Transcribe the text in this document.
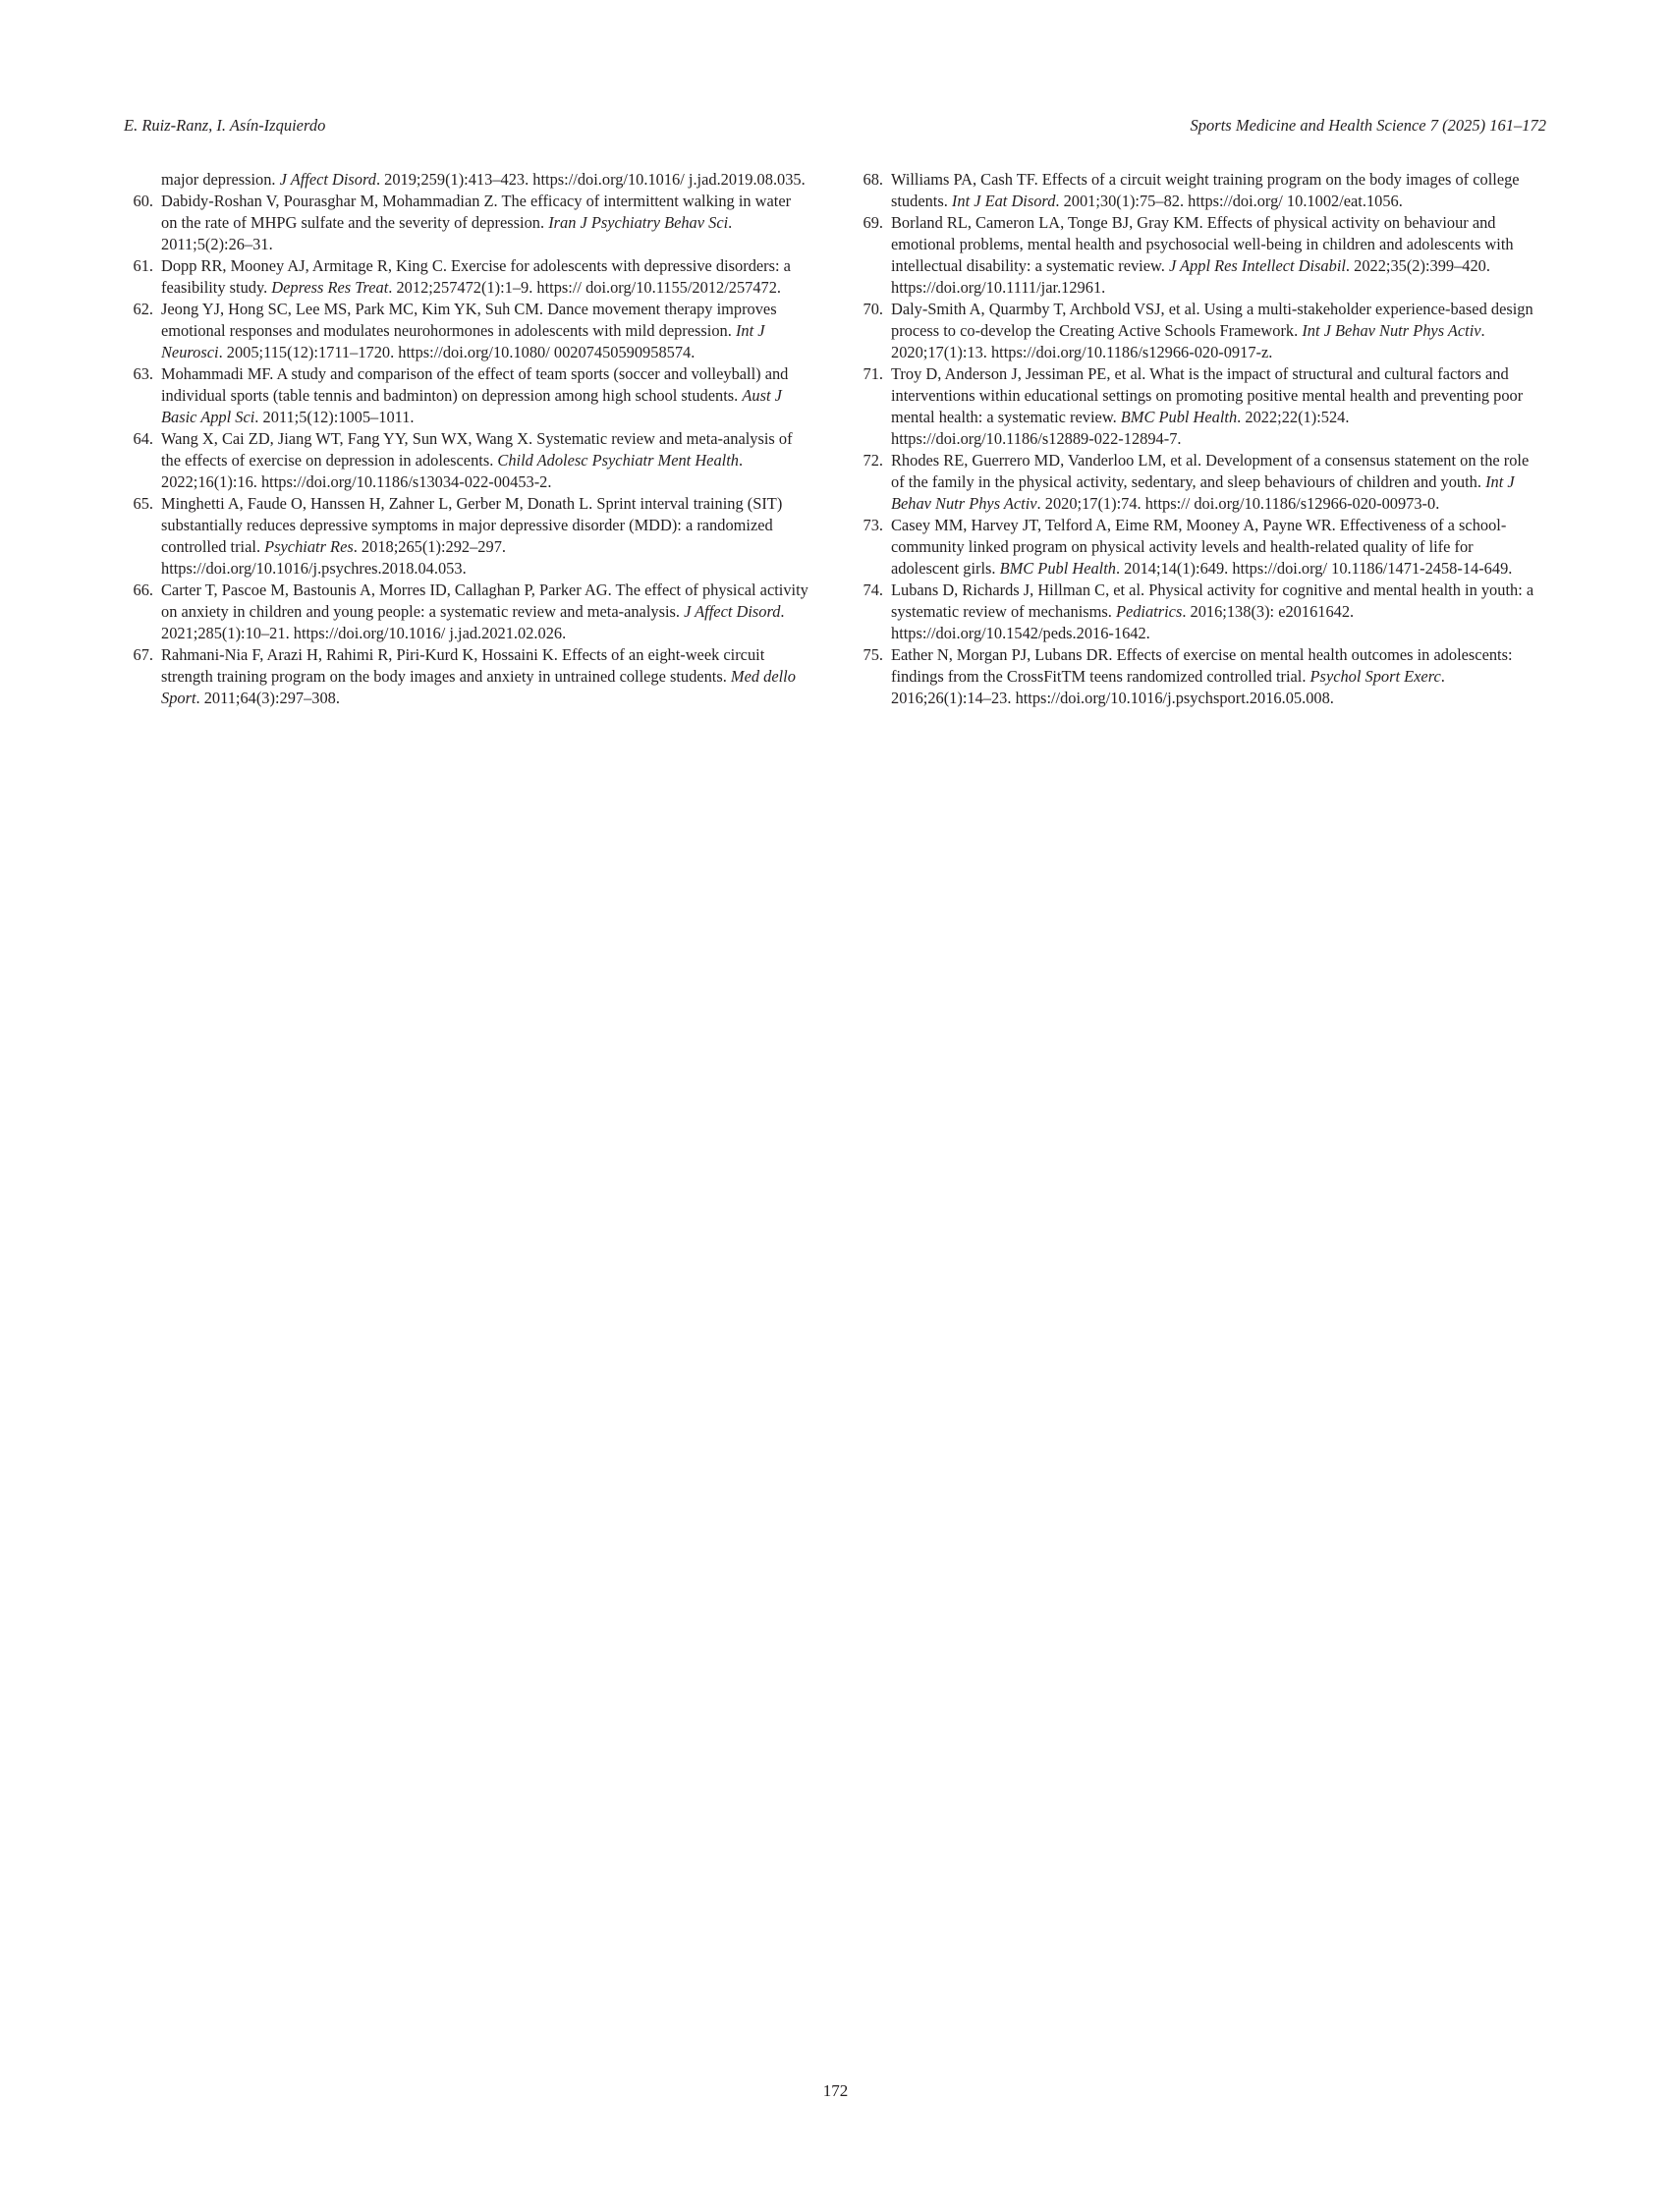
E. Ruiz-Ranz, I. Asín-Izquierdo	Sports Medicine and Health Science 7 (2025) 161–172
major depression. J Affect Disord. 2019;259(1):413–423. https://doi.org/10.1016/ j.jad.2019.08.035.
60. Dabidy-Roshan V, Pourasghar M, Mohammadian Z. The efficacy of intermittent walking in water on the rate of MHPG sulfate and the severity of depression. Iran J Psychiatry Behav Sci. 2011;5(2):26–31.
61. Dopp RR, Mooney AJ, Armitage R, King C. Exercise for adolescents with depressive disorders: a feasibility study. Depress Res Treat. 2012;257472(1):1–9. https:// doi.org/10.1155/2012/257472.
62. Jeong YJ, Hong SC, Lee MS, Park MC, Kim YK, Suh CM. Dance movement therapy improves emotional responses and modulates neurohormones in adolescents with mild depression. Int J Neurosci. 2005;115(12):1711–1720. https://doi.org/10.1080/ 00207450590958574.
63. Mohammadi MF. A study and comparison of the effect of team sports (soccer and volleyball) and individual sports (table tennis and badminton) on depression among high school students. Aust J Basic Appl Sci. 2011;5(12):1005–1011.
64. Wang X, Cai ZD, Jiang WT, Fang YY, Sun WX, Wang X. Systematic review and meta-analysis of the effects of exercise on depression in adolescents. Child Adolesc Psychiatr Ment Health. 2022;16(1):16. https://doi.org/10.1186/s13034-022-00453-2.
65. Minghetti A, Faude O, Hanssen H, Zahner L, Gerber M, Donath L. Sprint interval training (SIT) substantially reduces depressive symptoms in major depressive disorder (MDD): a randomized controlled trial. Psychiatr Res. 2018;265(1):292–297. https://doi.org/10.1016/j.psychres.2018.04.053.
66. Carter T, Pascoe M, Bastounis A, Morres ID, Callaghan P, Parker AG. The effect of physical activity on anxiety in children and young people: a systematic review and meta-analysis. J Affect Disord. 2021;285(1):10–21. https://doi.org/10.1016/ j.jad.2021.02.026.
67. Rahmani-Nia F, Arazi H, Rahimi R, Piri-Kurd K, Hossaini K. Effects of an eight-week circuit strength training program on the body images and anxiety in untrained college students. Med dello Sport. 2011;64(3):297–308.
68. Williams PA, Cash TF. Effects of a circuit weight training program on the body images of college students. Int J Eat Disord. 2001;30(1):75–82. https://doi.org/ 10.1002/eat.1056.
69. Borland RL, Cameron LA, Tonge BJ, Gray KM. Effects of physical activity on behaviour and emotional problems, mental health and psychosocial well-being in children and adolescents with intellectual disability: a systematic review. J Appl Res Intellect Disabil. 2022;35(2):399–420. https://doi.org/10.1111/jar.12961.
70. Daly-Smith A, Quarmby T, Archbold VSJ, et al. Using a multi-stakeholder experience-based design process to co-develop the Creating Active Schools Framework. Int J Behav Nutr Phys Activ. 2020;17(1):13. https://doi.org/10.1186/s12966-020-0917-z.
71. Troy D, Anderson J, Jessiman PE, et al. What is the impact of structural and cultural factors and interventions within educational settings on promoting positive mental health and preventing poor mental health: a systematic review. BMC Publ Health. 2022;22(1):524. https://doi.org/10.1186/s12889-022-12894-7.
72. Rhodes RE, Guerrero MD, Vanderloo LM, et al. Development of a consensus statement on the role of the family in the physical activity, sedentary, and sleep behaviours of children and youth. Int J Behav Nutr Phys Activ. 2020;17(1):74. https:// doi.org/10.1186/s12966-020-00973-0.
73. Casey MM, Harvey JT, Telford A, Eime RM, Mooney A, Payne WR. Effectiveness of a school-community linked program on physical activity levels and health-related quality of life for adolescent girls. BMC Publ Health. 2014;14(1):649. https://doi.org/ 10.1186/1471-2458-14-649.
74. Lubans D, Richards J, Hillman C, et al. Physical activity for cognitive and mental health in youth: a systematic review of mechanisms. Pediatrics. 2016;138(3): e20161642. https://doi.org/10.1542/peds.2016-1642.
75. Eather N, Morgan PJ, Lubans DR. Effects of exercise on mental health outcomes in adolescents: findings from the CrossFitTM teens randomized controlled trial. Psychol Sport Exerc. 2016;26(1):14–23. https://doi.org/10.1016/j.psychsport.2016.05.008.
172
